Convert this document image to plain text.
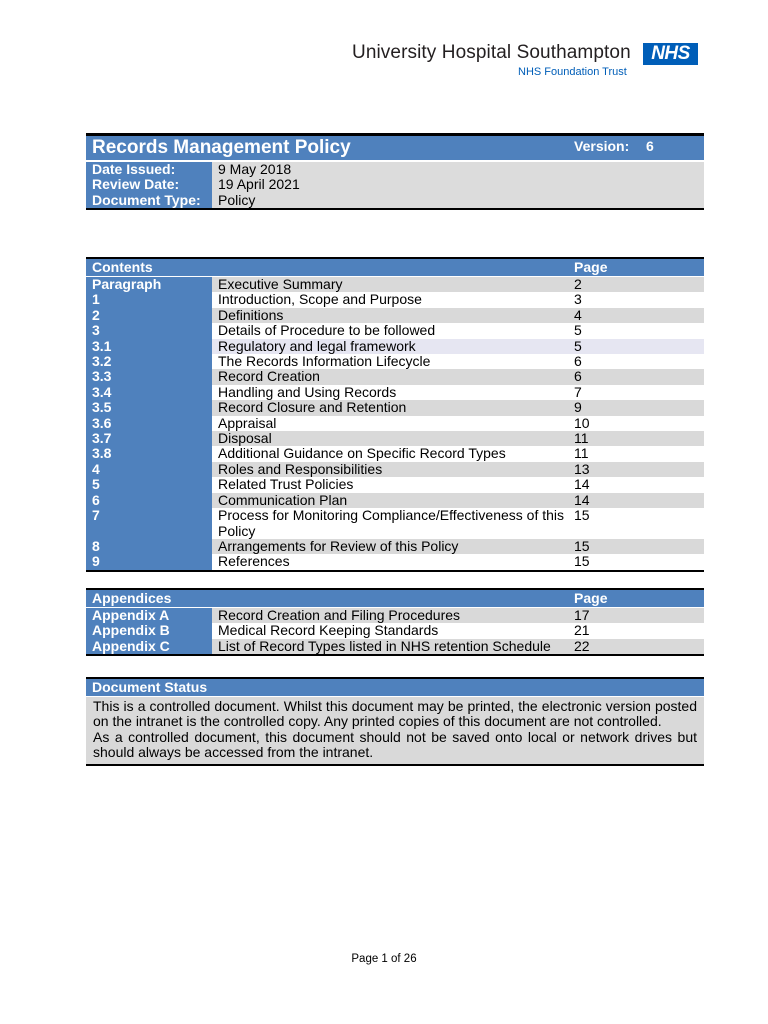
University Hospital Southampton	NHS
NHS Foundation Trust
Records Management Policy		Version:	6
Date Issued:	9 May 2018		
Review Date:	19 April 2021		
Document Type:	Policy		
Contents		Page
Paragraph	Executive Summary	2
1	Introduction, Scope and Purpose	3
2	Definitions	4
3	Details of Procedure to be followed	5
3.1	Regulatory and legal framework	5
3.2	The Records Information Lifecycle	6
3.3	Record Creation	6
3.4	Handling and Using Records	7
3.5	Record Closure and Retention	9
3.6	Appraisal	10
3.7	Disposal	11
3.8	Additional Guidance on Specific Record Types	11
4	Roles and Responsibilities	13
5	Related Trust Policies	14
6	Communication Plan	14
7	Process for Monitoring Compliance/Effectiveness of this Policy	15
8	Arrangements for Review of this Policy	15
9	References	15
Appendices		Page
Appendix A	Record Creation and Filing Procedures	17
Appendix B	Medical Record Keeping Standards	21
Appendix C	List of Record Types listed in NHS retention Schedule	22
Document Status

This is a controlled document. Whilst this document may be printed, the electronic version posted on the intranet is the controlled copy. Any printed copies of this document are not controlled.
As a controlled document, this document should not be saved onto local or network drives but should always be accessed from the intranet.
Page 1 of 26
